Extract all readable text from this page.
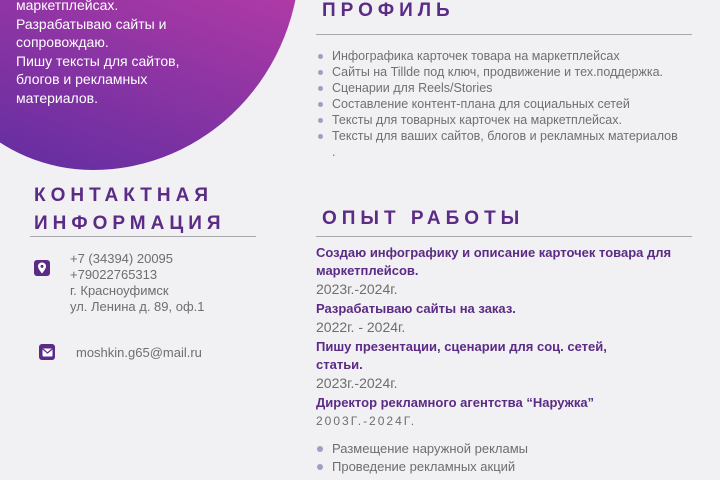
маркетплейсах.

Разрабатываю сайты и

сопровождаю.

Пишу тексты для сайтов,

блогов и рекламных

материалов.

ПРОФИЛЬ
Инфографика карточек товара на маркетплейсах
Сайты на Tillde под ключ, продвижение и тех.поддержка.
Сценарии для Reels/Stories
Составление контент-плана для социальных сетей
Тексты для товарных карточек на маркетплейсах.
Тексты для ваших сайтов, блогов и рекламных материалов .
КОНТАКТНАЯ
ИНФОРМАЦИЯ
+7 (34394) 20095
+79022765313
г. Красноуфимск
ул. Ленина д. 89, оф.1
moshkin.g65@mail.ru
ОПЫТ РАБОТЫ
Создаю инфографику и описание карточек товара для маркетплейсов.
2023г.-2024г.
Разрабатываю сайты на заказ.
2022г. - 2024г.
Пишу презентации, сценарии для соц. сетей, статьи.
2023г.-2024г.
Директор рекламного агентства “Наружка”
2003Г.-2024Г.
Размещение наружной рекламы
Проведение рекламных акций
